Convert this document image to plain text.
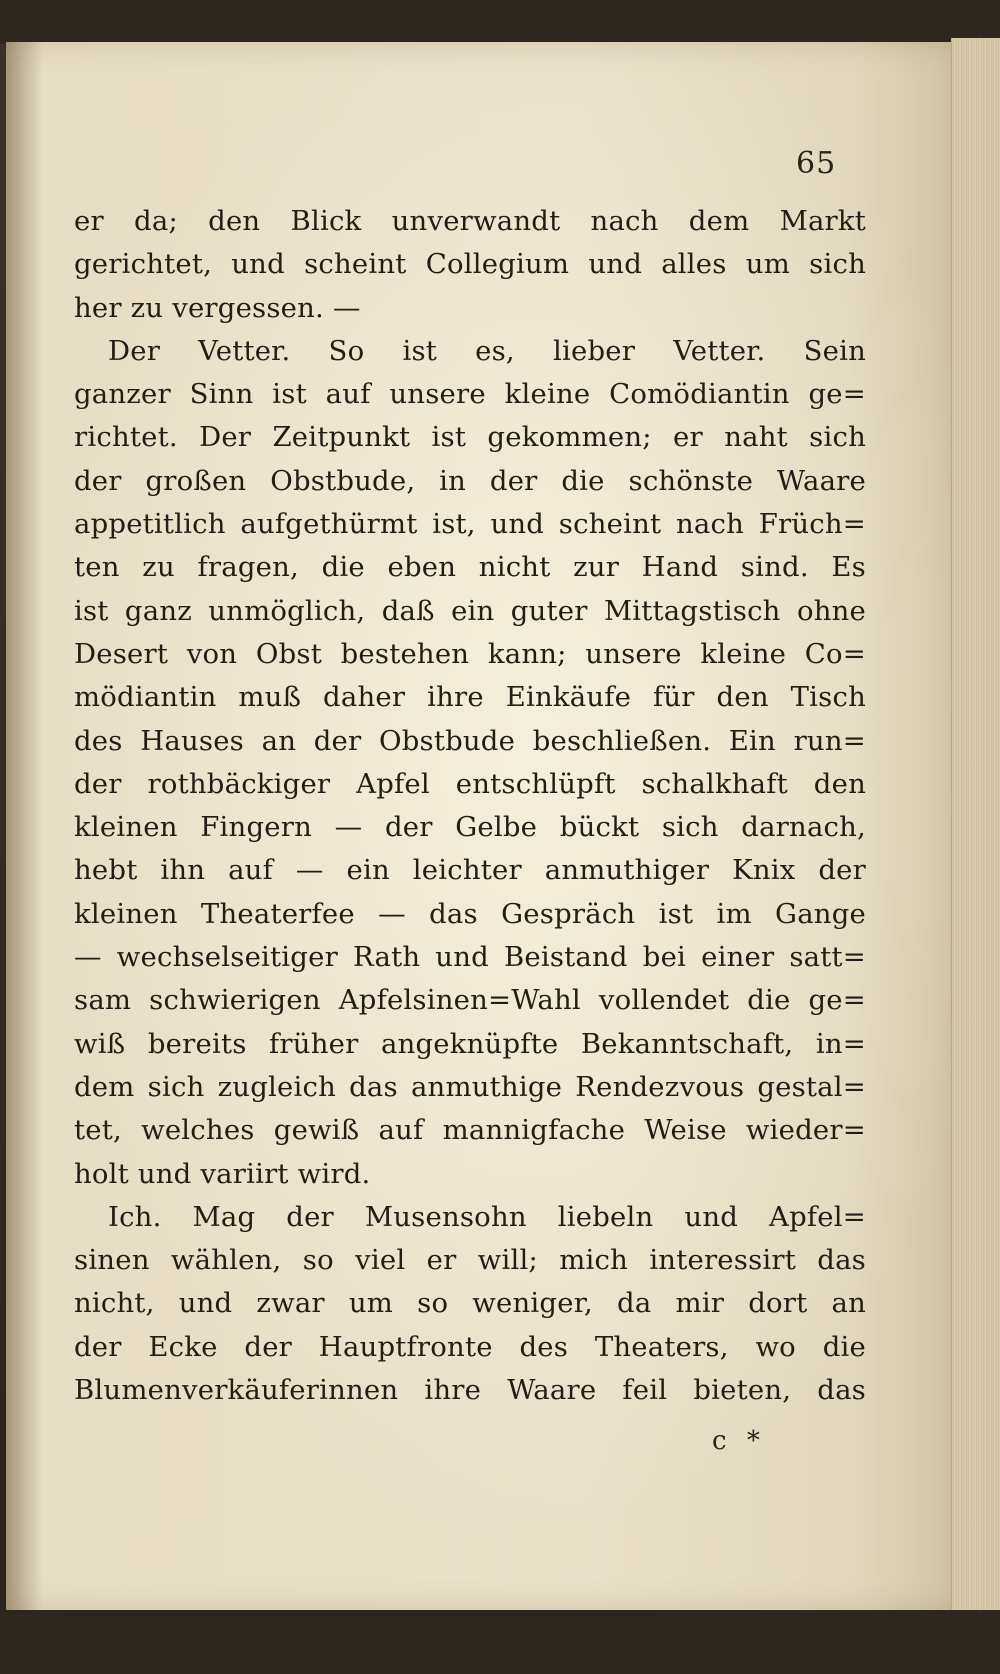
65
er da; den Blick unverwandt nach dem Markt
gerichtet, und scheint Collegium und alles um sich
her zu vergessen. —
Der Vetter. So ist es, lieber Vetter. Sein
ganzer Sinn ist auf unsere kleine Comödiantin ge=
richtet. Der Zeitpunkt ist gekommen; er naht sich
der großen Obstbude, in der die schönste Waare
appetitlich aufgethürmt ist, und scheint nach Früch=
ten zu fragen, die eben nicht zur Hand sind. Es
ist ganz unmöglich, daß ein guter Mittagstisch ohne
Desert von Obst bestehen kann; unsere kleine Co=
mödiantin muß daher ihre Einkäufe für den Tisch
des Hauses an der Obstbude beschließen. Ein run=
der rothbäckiger Apfel entschlüpft schalkhaft den
kleinen Fingern — der Gelbe bückt sich darnach,
hebt ihn auf — ein leichter anmuthiger Knix der
kleinen Theaterfee — das Gespräch ist im Gange
— wechselseitiger Rath und Beistand bei einer satt=
sam schwierigen Apfelsinen=Wahl vollendet die ge=
wiß bereits früher angeknüpfte Bekanntschaft, in=
dem sich zugleich das anmuthige Rendezvous gestal=
tet, welches gewiß auf mannigfache Weise wieder=
holt und variirt wird.
Ich. Mag der Musensohn liebeln und Apfel=
sinen wählen, so viel er will; mich interessirt das
nicht, und zwar um so weniger, da mir dort an
der Ecke der Hauptfronte des Theaters, wo die
Blumenverkäuferinnen ihre Waare feil bieten, das
c *
